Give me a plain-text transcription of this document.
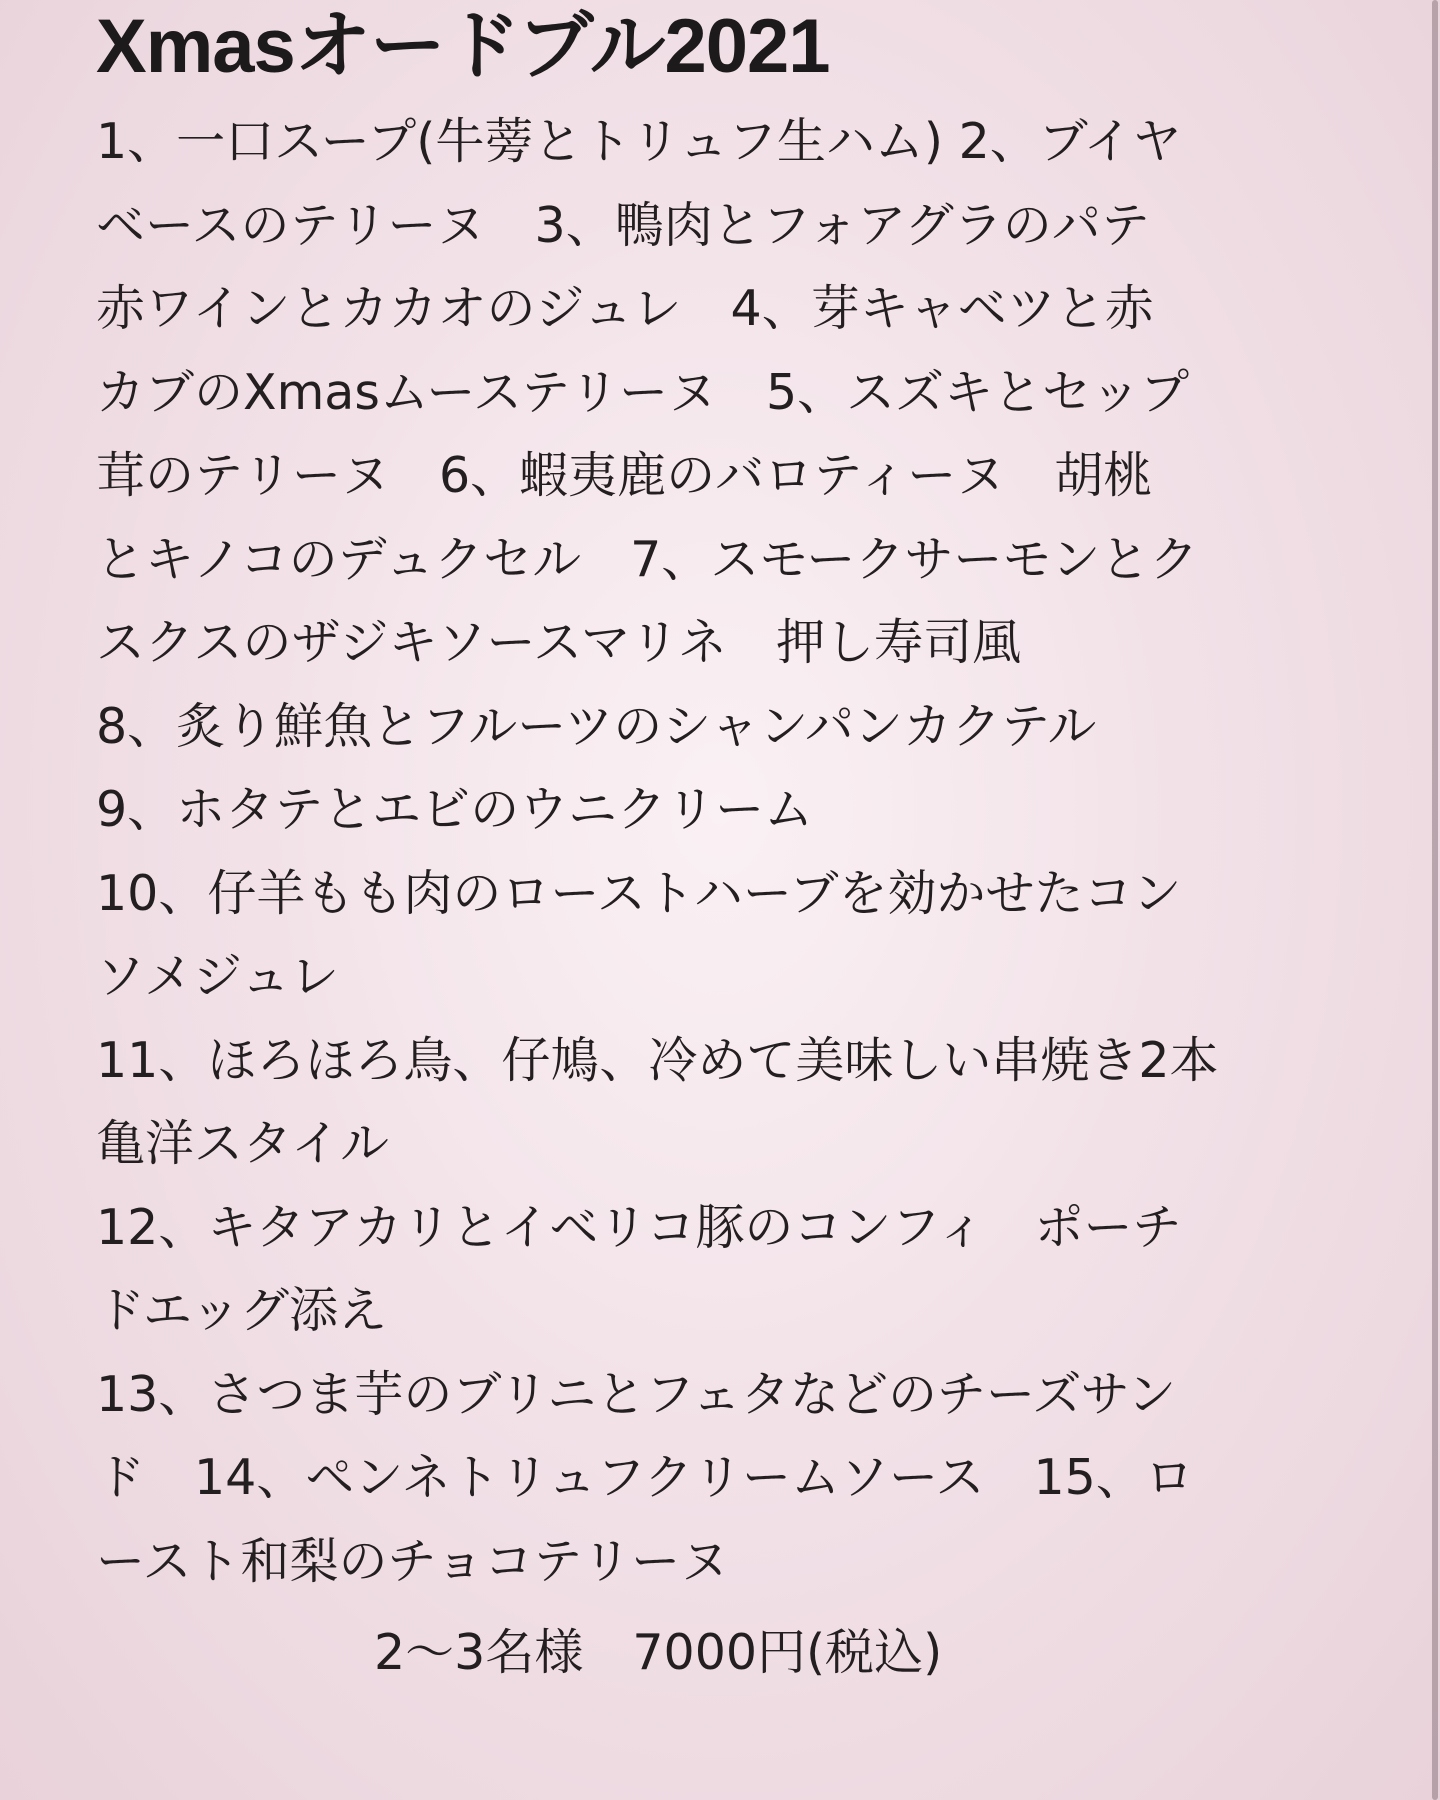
Xmasオードブル2021
1、一口スープ(牛蒡とトリュフ生ハム) 2、ブイヤ
ベースのテリーヌ　3、鴨肉とフォアグラのパテ
赤ワインとカカオのジュレ　4、芽キャベツと赤
カブのXmasムーステリーヌ　5、スズキとセップ
茸のテリーヌ　6、蝦夷鹿のバロティーヌ　胡桃
とキノコのデュクセル　7、スモークサーモンとク
スクスのザジキソースマリネ　押し寿司風
8、炙り鮮魚とフルーツのシャンパンカクテル
9、ホタテとエビのウニクリーム
10、仔羊もも肉のローストハーブを効かせたコン
ソメジュレ
11、ほろほろ鳥、仔鳩、冷めて美味しい串焼き2本
亀洋スタイル
12、キタアカリとイベリコ豚のコンフィ　ポーチ
ドエッグ添え
13、さつま芋のブリニとフェタなどのチーズサン
ド　14、ペンネトリュフクリームソース　15、ロ
ースト和梨のチョコテリーヌ
2〜3名様　7000円(税込)
